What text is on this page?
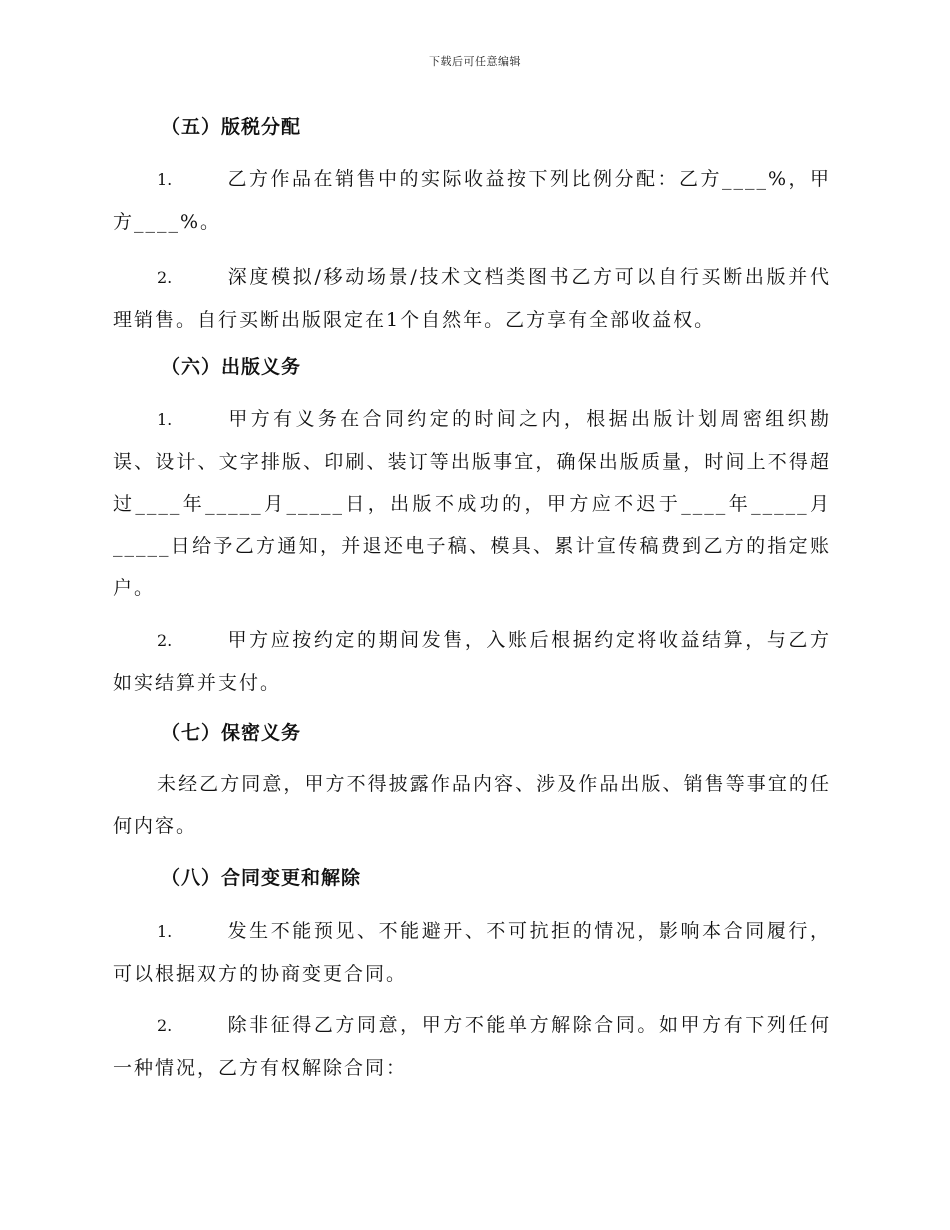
下载后可任意编辑
（五）版税分配
1.	乙方作品在销售中的实际收益按下列比例分配：乙方____%，甲方____%。
2.	深度模拟/移动场景/技术文档类图书乙方可以自行买断出版并代理销售。自行买断出版限定在1个自然年。乙方享有全部收益权。
（六）出版义务
1.	甲方有义务在合同约定的时间之内，根据出版计划周密组织勘误、设计、文字排版、印刷、装订等出版事宜，确保出版质量，时间上不得超过____年_____月_____日，出版不成功的，甲方应不迟于____年_____月_____日给予乙方通知，并退还电子稿、模具、累计宣传稿费到乙方的指定账户。
2.	甲方应按约定的期间发售，入账后根据约定将收益结算，与乙方如实结算并支付。
（七）保密义务
未经乙方同意，甲方不得披露作品内容、涉及作品出版、销售等事宜的任何内容。
（八）合同变更和解除
1.	发生不能预见、不能避开、不可抗拒的情况，影响本合同履行，可以根据双方的协商变更合同。
2.	除非征得乙方同意，甲方不能单方解除合同。如甲方有下列任何一种情况，乙方有权解除合同：
